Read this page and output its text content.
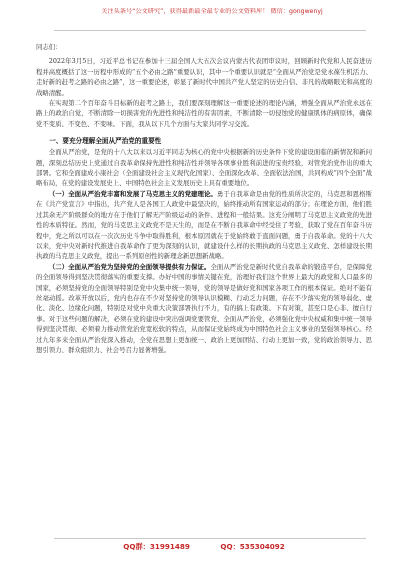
关注头条号“公文研究”，获得最新最全最专业的公文资料库！ 微信：gongwenyj

同志们：

2022年3月5日，习近平总书记在参加十三届全国人大五次会议内蒙古代表团审议时，回顾新时代党和人民奋进历程并高度概括了这一历程中形成的“五个必由之路”重要认识，其中一个重要认识就是“全面从严治党是党永葆生机活力、走好新的赶考之路的必由之路”，这一重要论述，彰显了新时代中国共产党人坚定的历史自信、非凡的战略眼光和高度的战略清醒。

在实现第二个百年奋斗目标新的赶考之路上，我们要深刻理解这一重要论述的理论内涵，增强全面从严治党永远在路上的政治自觉，不断清除一切损害党的先进性和纯洁性的有害因素，不断清除一切侵蚀党的健康肌体的病原体，确保党不变质、不变色、不变味。下面，我从以下几个方面与大家共同学习交流。

一、要充分理解全面从严治党的重要性

全面从严治党，是党的十八大以来以习近平同志为核心的党中央根据新的历史条件下党的建设面临的新情况和新问题，深刻总结历史上党通过自我革命保持先进性和纯洁性并领导各项事业胜利前进的宝贵经验，对管党治党作出的重大部署。它和全面建成小康社会（全面建设社会主义现代化国家）、全面深化改革、全面依法治国，共同构成“四个全面”战略布局，在党的建设发展史上、中国特色社会主义发展历史上具有重要地位。

（一）全面从严治党丰富和发展了马克思主义的党建理论。勇于自我革命是由党的性质所决定的，马克思和恩格斯在《共产党宣言》中指出，共产党人是各国工人政党中最坚决的，始终推动所有国家运动的部分；在理论方面，他们胜过其余无产阶级群众的地方在于他们了解无产阶级运动的条件、进程和一般结果。这充分阐明了马克思主义政党的先进性的本质特征。然而，党的马克思主义政党不是天生的，而是在不断自我革命中经受住了考验，获取了党在百年奋斗历程中，党之所以可以在一次次历史斗争中取得胜利，根本原因就在于党始终敢于直面问题，勇于自我革命。党的十八大以来，党中央对新时代推进自我革命作了更为深刻的认识，就建设什么样的长期执政的马克思主义政党、怎样建设长期执政的马克思主义政党，提出一系列原创性的新理念新思想新战略。

（二）全面从严治党为坚持党的全面领导提供有力保证。全面从严治党是新时代党自我革命的锻造平台，是保障党的全面领导得到坚决贯彻落实的重要支撑。办好中国的事情关键在党，治理好我们这个世界上最大的政党和人口最多的国家，必须坚持党的全面领导特别是党中央集中统一领导，党的领导是做好党和国家各项工作的根本保证。绝对不能有丝毫动摇。改革开放以后，党内也存在不少对坚持党的领导认识模糊、行动乏力问题，存在不少落实党的领导弱化、虚化、淡化、边缘化问题，特别是对党中央重大决策部署执行不力，有的搞上有政策、下有对策，甚至口是心非、擅自行事。对于这些问题的解决，必须在党的建设中突出强调党要管党、全面从严治党，必须强化党中央权威和集中统一领导得到坚决贯彻、必须着力推动管党治党宽松软的特点，从而保证党始终成为中国特色社会主义事业的坚强领导核心。经过九年多来全面从严治党深入推动，全党在思想上更加统一、政治上更加团结、行动上更加一致，党的政治领导力、思想引领力、群众组织力、社会号召力显著增强。

QQ群：31991489	QQ：535304092
